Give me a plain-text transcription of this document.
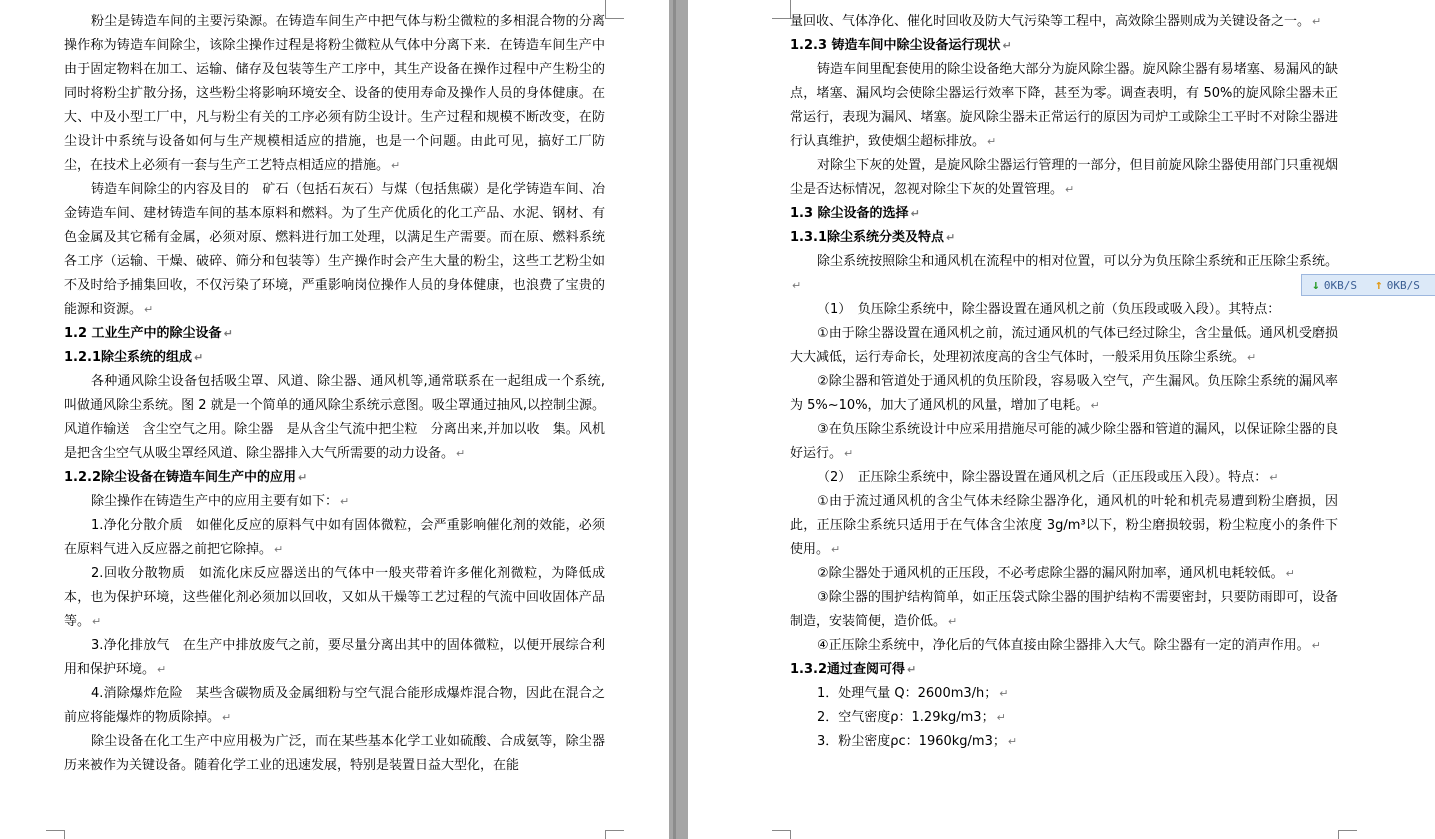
粉尘是铸造车间的主要污染源。在铸造车间生产中把气体与粉尘微粒的多相混合物的分离操作称为铸造车间除尘，该除尘操作过程是将粉尘微粒从气体中分离下来．在铸造车间生产中由于固定物料在加工、运输、储存及包装等生产工序中，其生产设备在操作过程中产生粉尘的同时将粉尘扩散分扬，这些粉尘将影响环境安全、设备的使用寿命及操作人员的身体健康。在大、中及小型工厂中，凡与粉尘有关的工序必须有防尘设计。生产过程和规模不断改变，在防尘设计中系统与设备如何与生产规模相适应的措施，也是一个问题。由此可见，搞好工厂防尘，在技术上必须有一套与生产工艺特点相适应的措施。 ↵

铸造车间除尘的内容及目的　矿石（包括石灰石）与煤（包括焦碳）是化学铸造车间、冶金铸造车间、建材铸造车间的基本原料和燃料。为了生产优质化的化工产品、水泥、钢材、有色金属及其它稀有金属，必须对原、燃料进行加工处理，以满足生产需要。而在原、燃料系统各工序（运输、干燥、破碎、筛分和包装等）生产操作时会产生大量的粉尘，这些工艺粉尘如不及时给予捕集回收，不仅污染了环境，严重影响岗位操作人员的身体健康，也浪费了宝贵的能源和资源。 ↵

1.2 工业生产中的除尘设备 ↵

1.2.1除尘系统的组成 ↵

各种通风除尘设备包括吸尘罩、风道、除尘器、通风机等,通常联系在一起组成一个系统,叫做通风除尘系统。图 2 就是一个简单的通风除尘系统示意图。吸尘罩通过抽风,以控制尘源。风道作输送　含尘空气之用。除尘器　是从含尘气流中把尘粒　分离出来,并加以收　集。风机是把含尘空气从吸尘罩经风道、除尘器排入大气所需要的动力设备。 ↵

1.2.2除尘设备在铸造车间生产中的应用 ↵

除尘操作在铸造生产中的应用主要有如下： ↵

1.净化分散介质　如催化反应的原料气中如有固体微粒，会严重影响催化剂的效能，必须在原料气进入反应器之前把它除掉。 ↵

2.回收分散物质　如流化床反应器送出的气体中一般夹带着许多催化剂微粒，为降低成本，也为保护环境，这些催化剂必须加以回收，又如从干燥等工艺过程的气流中回收固体产品等。 ↵

3.净化排放气　在生产中排放废气之前，要尽量分离出其中的固体微粒，以便开展综合利用和保护环境。 ↵

4.消除爆炸危险　某些含碳物质及金属细粉与空气混合能形成爆炸混合物，因此在混合之前应将能爆炸的物质除掉。 ↵

除尘设备在化工生产中应用极为广泛，而在某些基本化学工业如硫酸、合成氨等，除尘器历来被作为关键设备。随着化学工业的迅速发展，特别是装置日益大型化，在能

量回收、气体净化、催化时回收及防大气污染等工程中，高效除尘器则成为关键设备之一。 ↵

1.2.3 铸造车间中除尘设备运行现状 ↵

铸造车间里配套使用的除尘设备绝大部分为旋风除尘器。旋风除尘器有易堵塞、易漏风的缺点，堵塞、漏风均会使除尘器运行效率下降，甚至为零。调查表明，有 50%的旋风除尘器未正常运行，表现为漏风、堵塞。旋风除尘器未正常运行的原因为司炉工或除尘工平时不对除尘器进行认真维护，致使烟尘超标排放。 ↵

对除尘下灰的处置，是旋风除尘器运行管理的一部分，但目前旋风除尘器使用部门只重视烟尘是否达标情况，忽视对除尘下灰的处置管理。 ↵

1.3 除尘设备的选择 ↵

1.3.1除尘系统分类及特点 ↵

除尘系统按照除尘和通风机在流程中的相对位置，可以分为负压除尘系统和正压除尘系统。↵

（1）　负压除尘系统中，除尘器设置在通风机之前（负压段或吸入段）。其特点：

①由于除尘器设置在通风机之前，流过通风机的气体已经过除尘，含尘量低。通风机受磨损大大减低，运行寿命长，处理初浓度高的含尘气体时，一般采用负压除尘系统。 ↵

②除尘器和管道处于通风机的负压阶段，容易吸入空气，产生漏风。负压除尘系统的漏风率为 5%~10%，加大了通风机的风量，增加了电耗。 ↵

③在负压除尘系统设计中应采用措施尽可能的减少除尘器和管道的漏风，以保证除尘器的良好运行。 ↵

（2）　正压除尘系统中，除尘器设置在通风机之后（正压段或压入段）。特点： ↵

①由于流过通风机的含尘气体未经除尘器净化，通风机的叶轮和机壳易遭到粉尘磨损，因此，正压除尘系统只适用于在气体含尘浓度 3g/m³以下，粉尘磨损较弱，粉尘粒度小的条件下使用。 ↵

②除尘器处于通风机的正压段，不必考虑除尘器的漏风附加率，通风机电耗较低。 ↵

③除尘器的围护结构简单，如正压袋式除尘器的围护结构不需要密封，只要防雨即可，设备制造，安装简便，造价低。 ↵

④正压除尘系统中，净化后的气体直接由除尘器排入大气。除尘器有一定的消声作用。 ↵

1.3.2通过查阅可得 ↵

1．处理气量 Q：2600m3/h； ↵

2．空气密度ρ：1.29kg/m3； ↵

3．粉尘密度ρc：1960kg/m3； ↵

↓ 0KB/S ↑ 0KB/S
